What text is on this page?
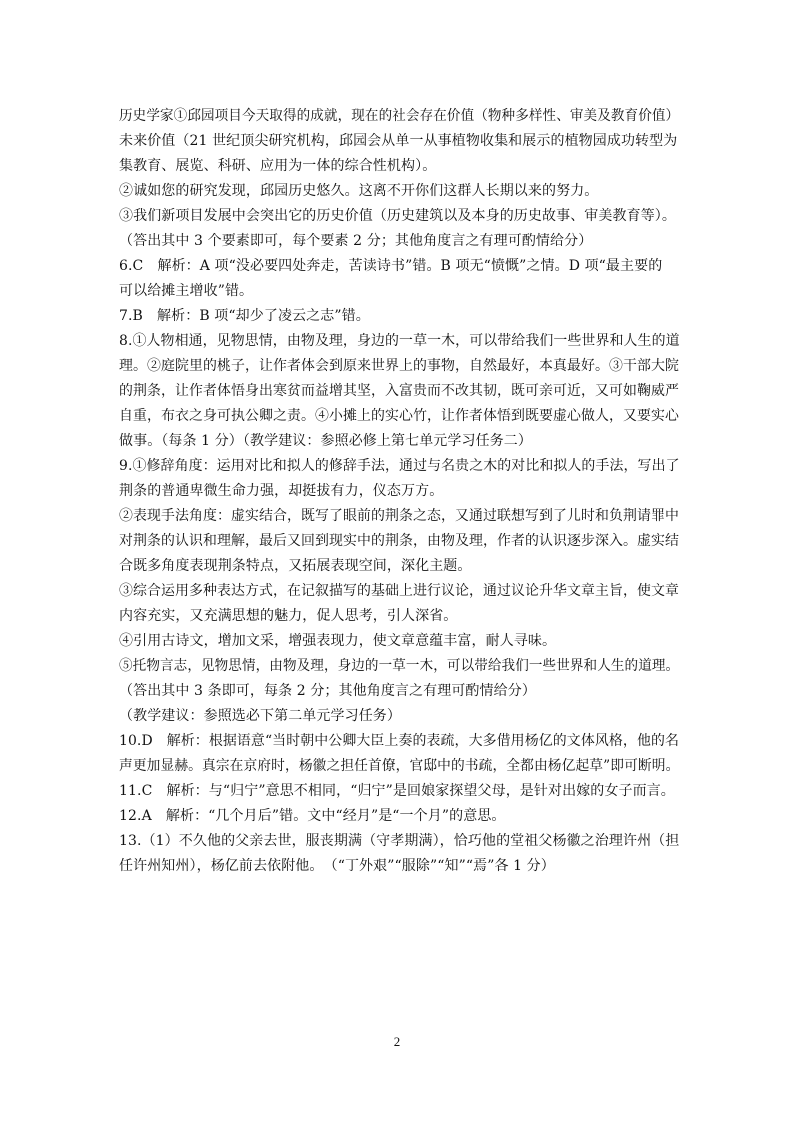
历史学家①邱园项目今天取得的成就，现在的社会存在价值（物种多样性、审美及教育价值）
未来价值（21 世纪顶尖研究机构，邱园会从单一从事植物收集和展示的植物园成功转型为
集教育、展览、科研、应用为一体的综合性机构）。
②诚如您的研究发现，邱园历史悠久。这离不开你们这群人长期以来的努力。
③我们新项目发展中会突出它的历史价值（历史建筑以及本身的历史故事、审美教育等）。
（答出其中 3 个要素即可，每个要素 2 分；其他角度言之有理可酌情给分）
6.C　解析：A 项“没必要四处奔走，苦读诗书”错。B 项无“愤慨”之情。D 项“最主要的
可以给摊主增收”错。
7.B　解析：B 项“却少了凌云之志”错。
8.①人物相通，见物思情，由物及理，身边的一草一木，可以带给我们一些世界和人生的道
理。②庭院里的桃子，让作者体会到原来世界上的事物，自然最好，本真最好。③干部大院
的荆条，让作者体悟身出寒贫而益增其坚，入富贵而不改其韧，既可亲可近，又可如鞠威严
自重，布衣之身可执公卿之责。④小摊上的实心竹，让作者体悟到既要虚心做人，又要实心
做事。（每条 1 分）（教学建议：参照必修上第七单元学习任务二）
9.①修辞角度：运用对比和拟人的修辞手法，通过与名贵之木的对比和拟人的手法，写出了
荆条的普通卑微生命力强，却挺拔有力，仪态万方。
②表现手法角度：虚实结合，既写了眼前的荆条之态，又通过联想写到了儿时和负荆请罪中
对荆条的认识和理解，最后又回到现实中的荆条，由物及理，作者的认识逐步深入。虚实结
合既多角度表现荆条特点，又拓展表现空间，深化主题。
③综合运用多种表达方式，在记叙描写的基础上进行议论，通过议论升华文章主旨，使文章
内容充实，又充满思想的魅力，促人思考，引人深省。
④引用古诗文，增加文采，增强表现力，使文章意蕴丰富，耐人寻味。
⑤托物言志，见物思情，由物及理，身边的一草一木，可以带给我们一些世界和人生的道理。
（答出其中 3 条即可，每条 2 分；其他角度言之有理可酌情给分）
（教学建议：参照选必下第二单元学习任务）
10.D　解析：根据语意“当时朝中公卿大臣上奏的表疏，大多借用杨亿的文体风格，他的名
声更加显赫。真宗在京府时，杨徽之担任首僚，官邸中的书疏，全都由杨亿起草”即可断明。
11.C　解析：与“归宁”意思不相同，“归宁”是回娘家探望父母，是针对出嫁的女子而言。
12.A　解析：“几个月后”错。文中“经月”是“一个月”的意思。
13.（1）不久他的父亲去世，服丧期满（守孝期满），恰巧他的堂祖父杨徽之治理许州（担
任许州知州），杨亿前去依附他。　（“丁外艰”“服除”“知”“焉”各 1 分）
2
